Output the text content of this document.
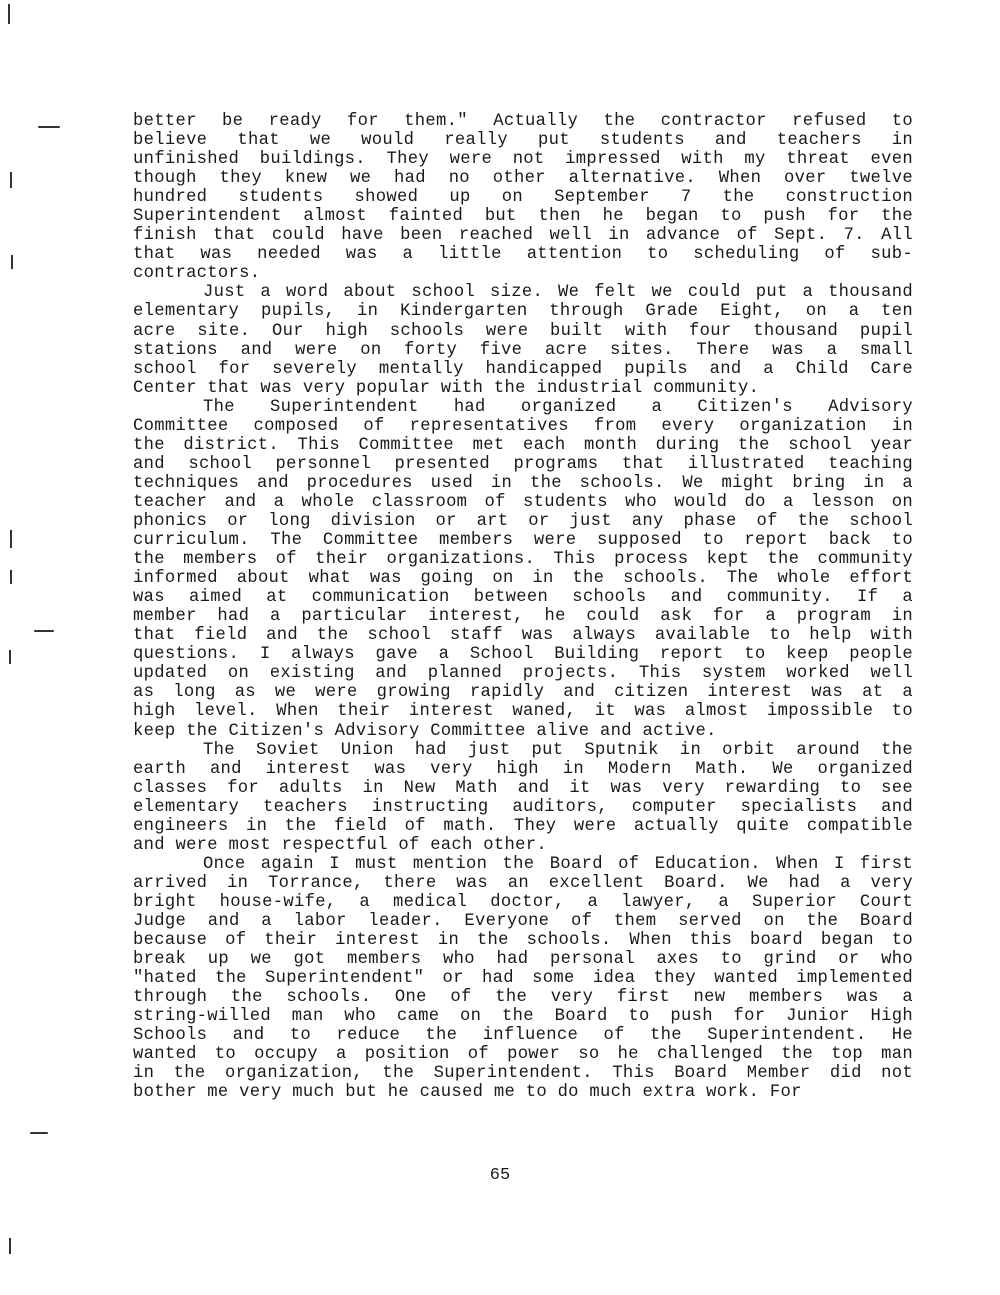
better be ready for them." Actually the contractor refused to
believe that we would really put students and teachers in
unfinished buildings. They were not impressed with my threat even
though they knew we had no other alternative. When over twelve
hundred students showed up on September 7 the construction
Superintendent almost fainted but then he began to push for the
finish that could have been reached well in advance of Sept. 7. All
that was needed was a little attention to scheduling of sub-
contractors.
Just a word about school size. We felt we could put a thousand
elementary pupils, in Kindergarten through Grade Eight, on a ten
acre site. Our high schools were built with four thousand pupil
stations and were on forty five acre sites. There was a small
school for severely mentally handicapped pupils and a Child Care
Center that was very popular with the industrial community.
The Superintendent had organized a Citizen's Advisory
Committee composed of representatives from every organization in
the district. This Committee met each month during the school year
and school personnel presented programs that illustrated teaching
techniques and procedures used in the schools. We might bring in a
teacher and a whole classroom of students who would do a lesson on
phonics or long division or art or just any phase of the school
curriculum. The Committee members were supposed to report back to
the members of their organizations. This process kept the community
informed about what was going on in the schools. The whole effort
was aimed at communication between schools and community. If a
member had a particular interest, he could ask for a program in
that field and the school staff was always available to help with
questions. I always gave a School Building report to keep people
updated on existing and planned projects. This system worked well
as long as we were growing rapidly and citizen interest was at a
high level. When their interest waned, it was almost impossible to
keep the Citizen's Advisory Committee alive and active.
The Soviet Union had just put Sputnik in orbit around the
earth and interest was very high in Modern Math. We organized
classes for adults in New Math and it was very rewarding to see
elementary teachers instructing auditors, computer specialists and
engineers in the field of math. They were actually quite compatible
and were most respectful of each other.
Once again I must mention the Board of Education. When I first
arrived in Torrance, there was an excellent Board. We had a very
bright house-wife, a medical doctor, a lawyer, a Superior Court
Judge and a labor leader. Everyone of them served on the Board
because of their interest in the schools. When this board began to
break up we got members who had personal axes to grind or who
"hated the Superintendent" or had some idea they wanted implemented
through the schools. One of the very first new members was a
string-willed man who came on the Board to push for Junior High
Schools and to reduce the influence of the Superintendent. He
wanted to occupy a position of power so he challenged the top man
in the organization, the Superintendent. This Board Member did not
bother me very much but he caused me to do much extra work. For
65
